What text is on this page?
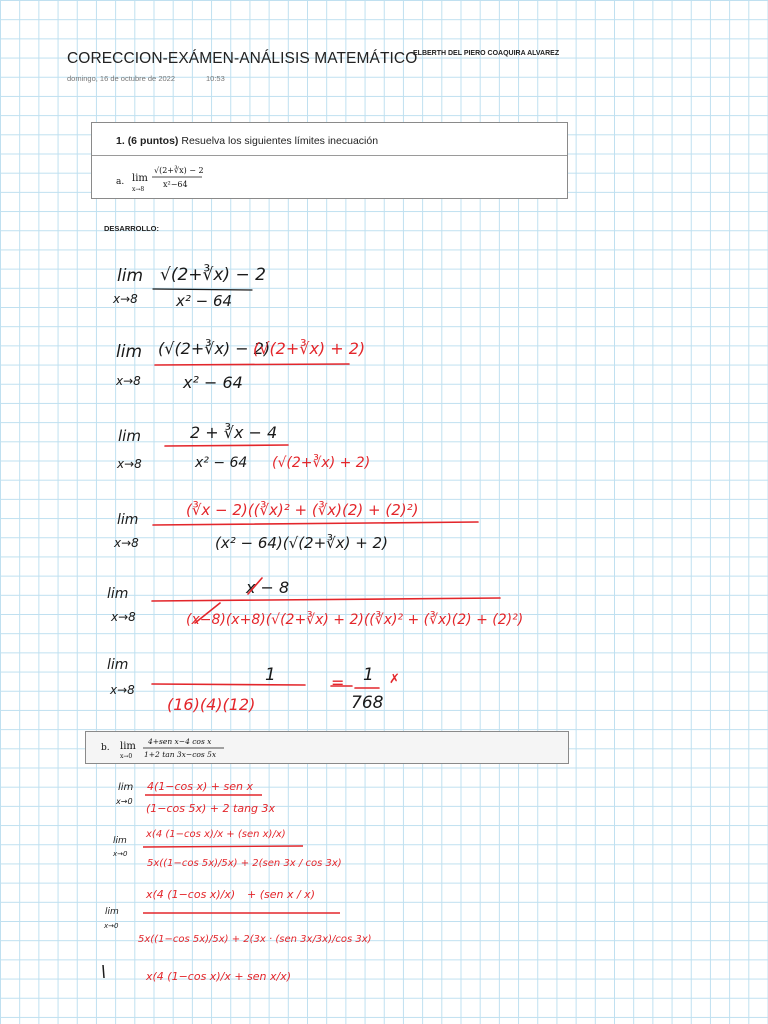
CORECCION-EXÁMEN-ANÁLISIS MATEMÁTICO
ELBERTH DEL PIERO COAQUIRA ALVAREZ
domingo, 16 de octubre de 2022	10:53
1. (6 puntos) Resuelva los siguientes límites inecuación
a. lim
x→8
√(2+∛x) − 2
x²−64
DESARROLLO:
lim
x→8
√(2+∛x) − 2
x² − 64
lim
x→8
(√(2+∛x) − 2)
x² − 64
lim
x→8
2 + ∛x − 4
x² − 64
lim
x→8	(x² − 64)(√(2+∛x) + 2)
lim
x→8
x − 8
lim
x→8
1	1
768
(√(2+∛x) + 2)
(∛x − 2)((∛x)² + (∛x)(2) + (2)²)
(√(2+∛x) + 2)
(x−8)(x+8)(√(2+∛x) + 2)((∛x)² + (∛x)(2) + (2)²)
(16)(4)(12)
=	✗
b. lim
x→0
4+sen x−4 cos x
1+2 tan 3x−cos 5x
lim
x→0
lim
x→0
lim
x→0
4(1−cos x) + sen x
(1−cos 5x) + 2 tang 3x
x(4 (1−cos x)/x + (sen x)/x)
5x((1−cos 5x)/5x) + 2(sen 3x / cos 3x)
x(4 (1−cos x)/x) + (sen x / x)
5x((1−cos 5x)/5x) + 2(3x · (sen 3x/3x)/cos 3x)
x(4 (1−cos x)/x + sen x/x)
